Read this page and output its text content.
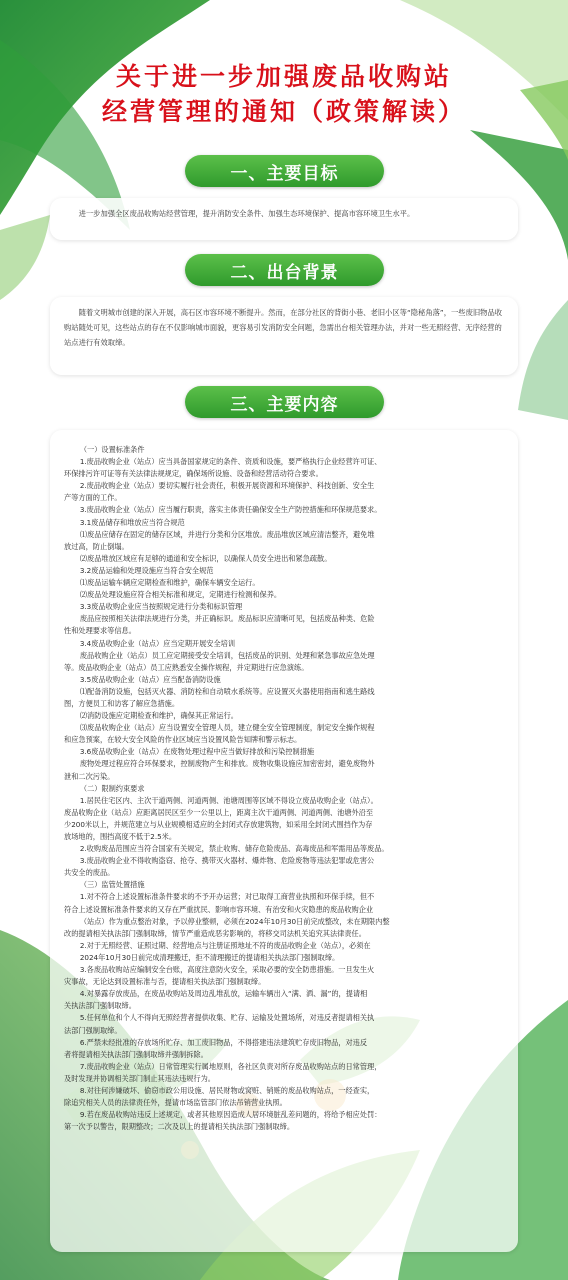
关于进一步加强废品收购站
经营管理的通知（政策解读）
一、主要目标

进一步加强全区废品收购站经营管理，提升消防安全条件、加强生态环境保护、提高市容环境卫生水平。

二、出台背景

随着文明城市创建的深入开展，高石区市容环境不断提升。然而，在部分社区的背街小巷、老旧小区等“隐秘角落”，一些废旧物品收购站随处可见，这些站点的存在不仅影响城市面貌，更容易引发消防安全问题，急需出台相关管理办法，并对一些无照经营、无序经营的站点进行有效取缔。

三、主要内容
（一）设置标准条件
1.废品收购企业（站点）应当具备国家规定的条件、资质和设施，要严格执行企业经营许可证、
环保排污许可证等有关法律法规规定，确保场所设施、设备和经营活动符合要求。
2.废品收购企业（站点）要切实履行社会责任，积极开展资源和环境保护、科技创新、安全生
产等方面的工作。
3.废品收购企业（站点）应当履行职责，落实主体责任确保安全生产防控措施和环保规范要求。
3.1废品储存和堆放应当符合规范
⑴废品应储存在固定的储存区域，并进行分类和分区堆放。废品堆放区域应清洁整齐，避免堆
放过高，防止倒塌。
⑵废品堆放区域应有足够的通道和安全标识，以确保人员安全进出和紧急疏散。
3.2废品运输和处理设施应当符合安全规范
⑴废品运输车辆应定期检查和维护，确保车辆安全运行。
⑵废品处理设施应符合相关标准和规定，定期进行检测和保养。
3.3废品收购企业应当按照规定进行分类和标识管理
废品应按照相关法律法规进行分类，并正确标识。废品标识应清晰可见，包括废品种类、危险
性和处理要求等信息。
3.4废品收购企业（站点）应当定期开展安全培训
废品收购企业（站点）员工应定期接受安全培训，包括废品的识别、处理和紧急事故应急处理
等。废品收购企业（站点）员工应熟悉安全操作规程，并定期进行应急演练。
3.5废品收购企业（站点）应当配备消防设施
⑴配备消防设施，包括灭火器、消防栓和自动喷水系统等。应设置灭火器使用指南和逃生路线
图，方便员工和访客了解应急措施。
⑵消防设施应定期检查和维护，确保其正常运行。
⑶废品收购企业（站点）应当设置安全管理人员，建立健全安全管理制度，制定安全操作规程
和应急预案，在较大安全风险的作业区域应当设置风险告知牌和警示标志。
3.6废品收购企业（站点）在废物处理过程中应当做好排放和污染控制措施
废物处理过程应符合环保要求，控制废物产生和排放。废物收集设施应加密密封，避免废物外
泄和二次污染。
（二）限制约束要求
1.居民住宅区内、主次干道两侧、河道两侧、池塘周围等区域不得设立废品收购企业（站点）。
废品收购企业（站点）应距离居民区至少一公里以上，距离主次干道两侧、河道两侧、池塘外沿至
少200米以上，并规范建立与从业规模相适应的全封闭式存放建筑物，如采用全封闭式围挡作为存
放场地的，围挡高度不低于2.5米。
2.收购废品范围应当符合国家有关规定，禁止收购、储存危险废品、高毒废品和军需用品等废品。
3.废品收购企业不得收购盗窃、抢夺、携带灭火器材、爆炸物、危险废物等违法犯罪或危害公
共安全的废品。
（三）监管处置措施
1.对不符合上述设置标准条件要求的不予开办运营；对已取得工商营业执照和环保手续，但不
符合上述设置标准条件要求的又存在严重扰民、影响市容环境、有治安和火灾隐患的废品收购企业
（站点）作为重点整治对象，予以停业整顿，必须在2024年10月30日前完成整改，未在期限内整
改的提请相关执法部门强制取缔，情节严重造成恶劣影响的，将移交司法机关追究其法律责任。
2.对于无照经营、证照过期、经营地点与注册证照地址不符的废品收购企业（站点），必须在
2024年10月30日前完成清理搬迁，拒不清理搬迁的提请相关执法部门强制取缔。
3.各废品收购站应编制安全台账，高度注意防火安全，采取必要的安全防患措施。一旦发生火
灾事故，无论达到设置标准与否，提请相关执法部门强制取缔。
4.对暴露存放废品，在废品收购站及周边乱堆乱放，运输车辆出入“满、洒、漏”的，提请相
关执法部门强制取缔。
5.任何单位和个人不得向无照经营者提供收集、贮存、运输及处置场所，对违反者提请相关执
法部门强制取缔。
6.严禁未经批准的存放场所贮存、加工废旧物品，不得搭建违法建筑贮存废旧物品，对违反
者将提请相关执法部门强制取缔并强制拆除。
7.废品收购企业（站点）日常管理实行属地原则，各社区负责对所存废品收购站点的日常管理，
及时发现并协调相关部门制止其违法违规行为。
8.对往何涉嫌破坏、偷窃市政公用设施、居民财物或窝赃、销赃的废品收购站点，一经查实，
除追究相关人员的法律责任外，提请市场监管部门依法吊销营业执照。
9.若在废品收购站违反上述规定，或者其他原因造成人居环境脏乱差问题的，将给予相应处罚：
第一次予以警告，限期整改；二次及以上的提请相关执法部门强制取缔。
